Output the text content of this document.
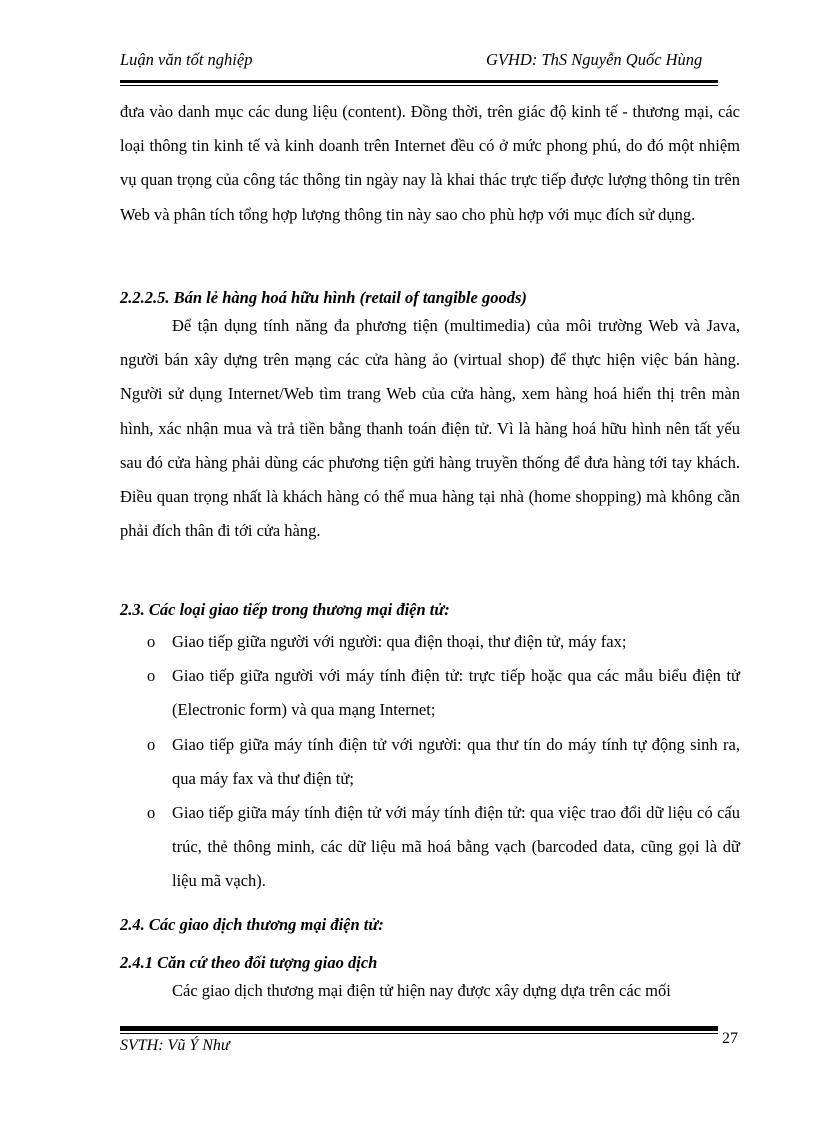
Luận văn tốt nghiệp	GVHD: ThS Nguyễn Quốc Hùng

đưa vào danh mục các dung liệu (content). Đồng thời, trên giác độ kinh tế - thương mại, các loại thông tin kinh tế và kinh doanh trên Internet đều có ở mức phong phú, do đó một nhiệm vụ quan trọng của công tác thông tin ngày nay là khai thác trực tiếp được lượng thông tin trên Web và phân tích tổng hợp lượng thông tin này sao cho phù hợp với mục đích sử dụng.

2.2.2.5. Bán lẻ hàng hoá hữu hình (retail of tangible goods)

Để tận dụng tính năng đa phương tiện (multimedia) của môi trường Web và Java, người bán xây dựng trên mạng các cửa hàng ảo (virtual shop) để thực hiện việc bán hàng. Người sử dụng Internet/Web tìm trang Web của cửa hàng, xem hàng hoá hiển thị trên màn hình, xác nhận mua và trả tiền bằng thanh toán điện tử. Vì là hàng hoá hữu hình nên tất yếu sau đó cửa hàng phải dùng các phương tiện gửi hàng truyền thống để đưa hàng tới tay khách. Điều quan trọng nhất là khách hàng có thể mua hàng tại nhà (home shopping) mà không cần phải đích thân đi tới cửa hàng.

2.3. Các loại giao tiếp trong thương mại điện tử:

o Giao tiếp giữa người với người: qua điện thoại, thư điện tử, máy fax;
o Giao tiếp giữa người với máy tính điện tử: trực tiếp hoặc qua các mẫu biểu điện tử (Electronic form) và qua mạng Internet;
o Giao tiếp giữa máy tính điện tử với người: qua thư tín do máy tính tự động sinh ra, qua máy fax và thư điện tử;
o Giao tiếp giữa máy tính điện tử với máy tính điện tử: qua việc trao đổi dữ liệu có cấu trúc, thẻ thông minh, các dữ liệu mã hoá bằng vạch (barcoded data, cũng gọi là dữ liệu mã vạch).

2.4. Các giao dịch thương mại điện tử:

2.4.1 Căn cứ theo đối tượng giao dịch

Các giao dịch thương mại điện tử hiện nay được xây dựng dựa trên các mối

SVTH: Vũ Ý Như	27
